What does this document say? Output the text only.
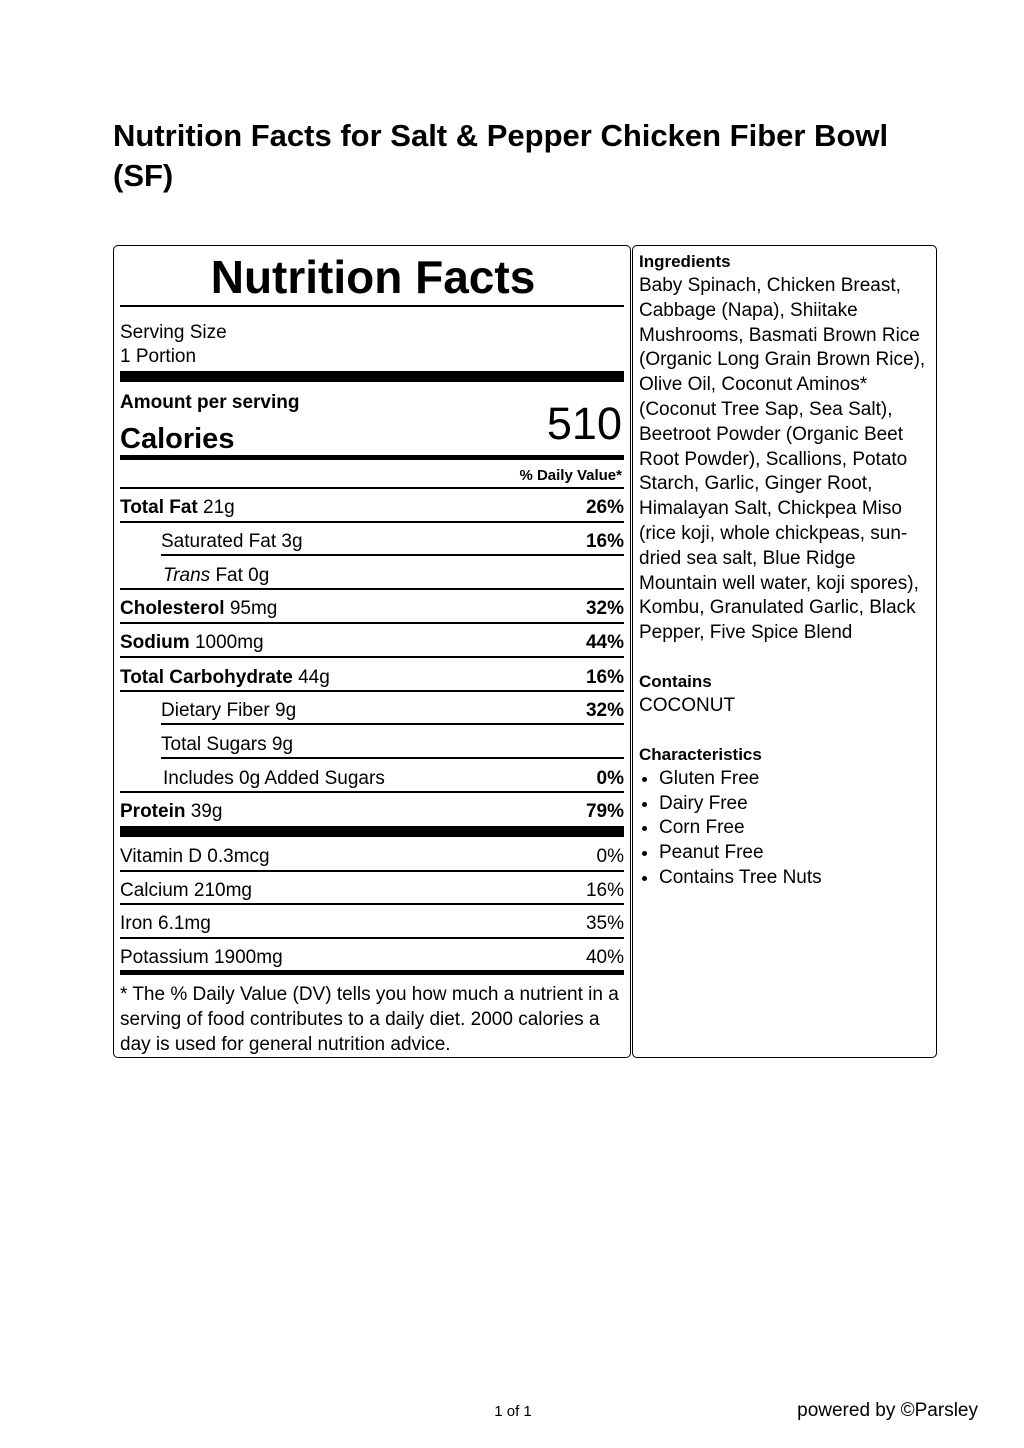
Nutrition Facts for Salt & Pepper Chicken Fiber Bowl (SF)
Nutrition Facts
Serving Size
1 Portion
Amount per serving
Calories	510
% Daily Value*
Total Fat 21g	26%
Saturated Fat 3g	16%
Trans Fat 0g
Cholesterol 95mg	32%
Sodium 1000mg	44%
Total Carbohydrate 44g	16%
Dietary Fiber 9g	32%
Total Sugars 9g
Includes 0g Added Sugars	0%
Protein 39g	79%
Vitamin D 0.3mcg	0%
Calcium 210mg	16%
Iron 6.1mg	35%
Potassium 1900mg	40%
* The % Daily Value (DV) tells you how much a nutrient in a serving of food contributes to a daily diet. 2000 calories a day is used for general nutrition advice.
Ingredients
Baby Spinach, Chicken Breast, Cabbage (Napa), Shiitake Mushrooms, Basmati Brown Rice (Organic Long Grain Brown Rice), Olive Oil, Coconut Aminos* (Coconut Tree Sap, Sea Salt), Beetroot Powder (Organic Beet Root Powder), Scallions, Potato Starch, Garlic, Ginger Root, Himalayan Salt, Chickpea Miso (rice koji, whole chickpeas, sun-dried sea salt, Blue Ridge Mountain well water, koji spores), Kombu, Granulated Garlic, Black Pepper, Five Spice Blend
Contains
COCONUT
Characteristics
• Gluten Free
• Dairy Free
• Corn Free
• Peanut Free
• Contains Tree Nuts
1 of 1	powered by ©Parsley
